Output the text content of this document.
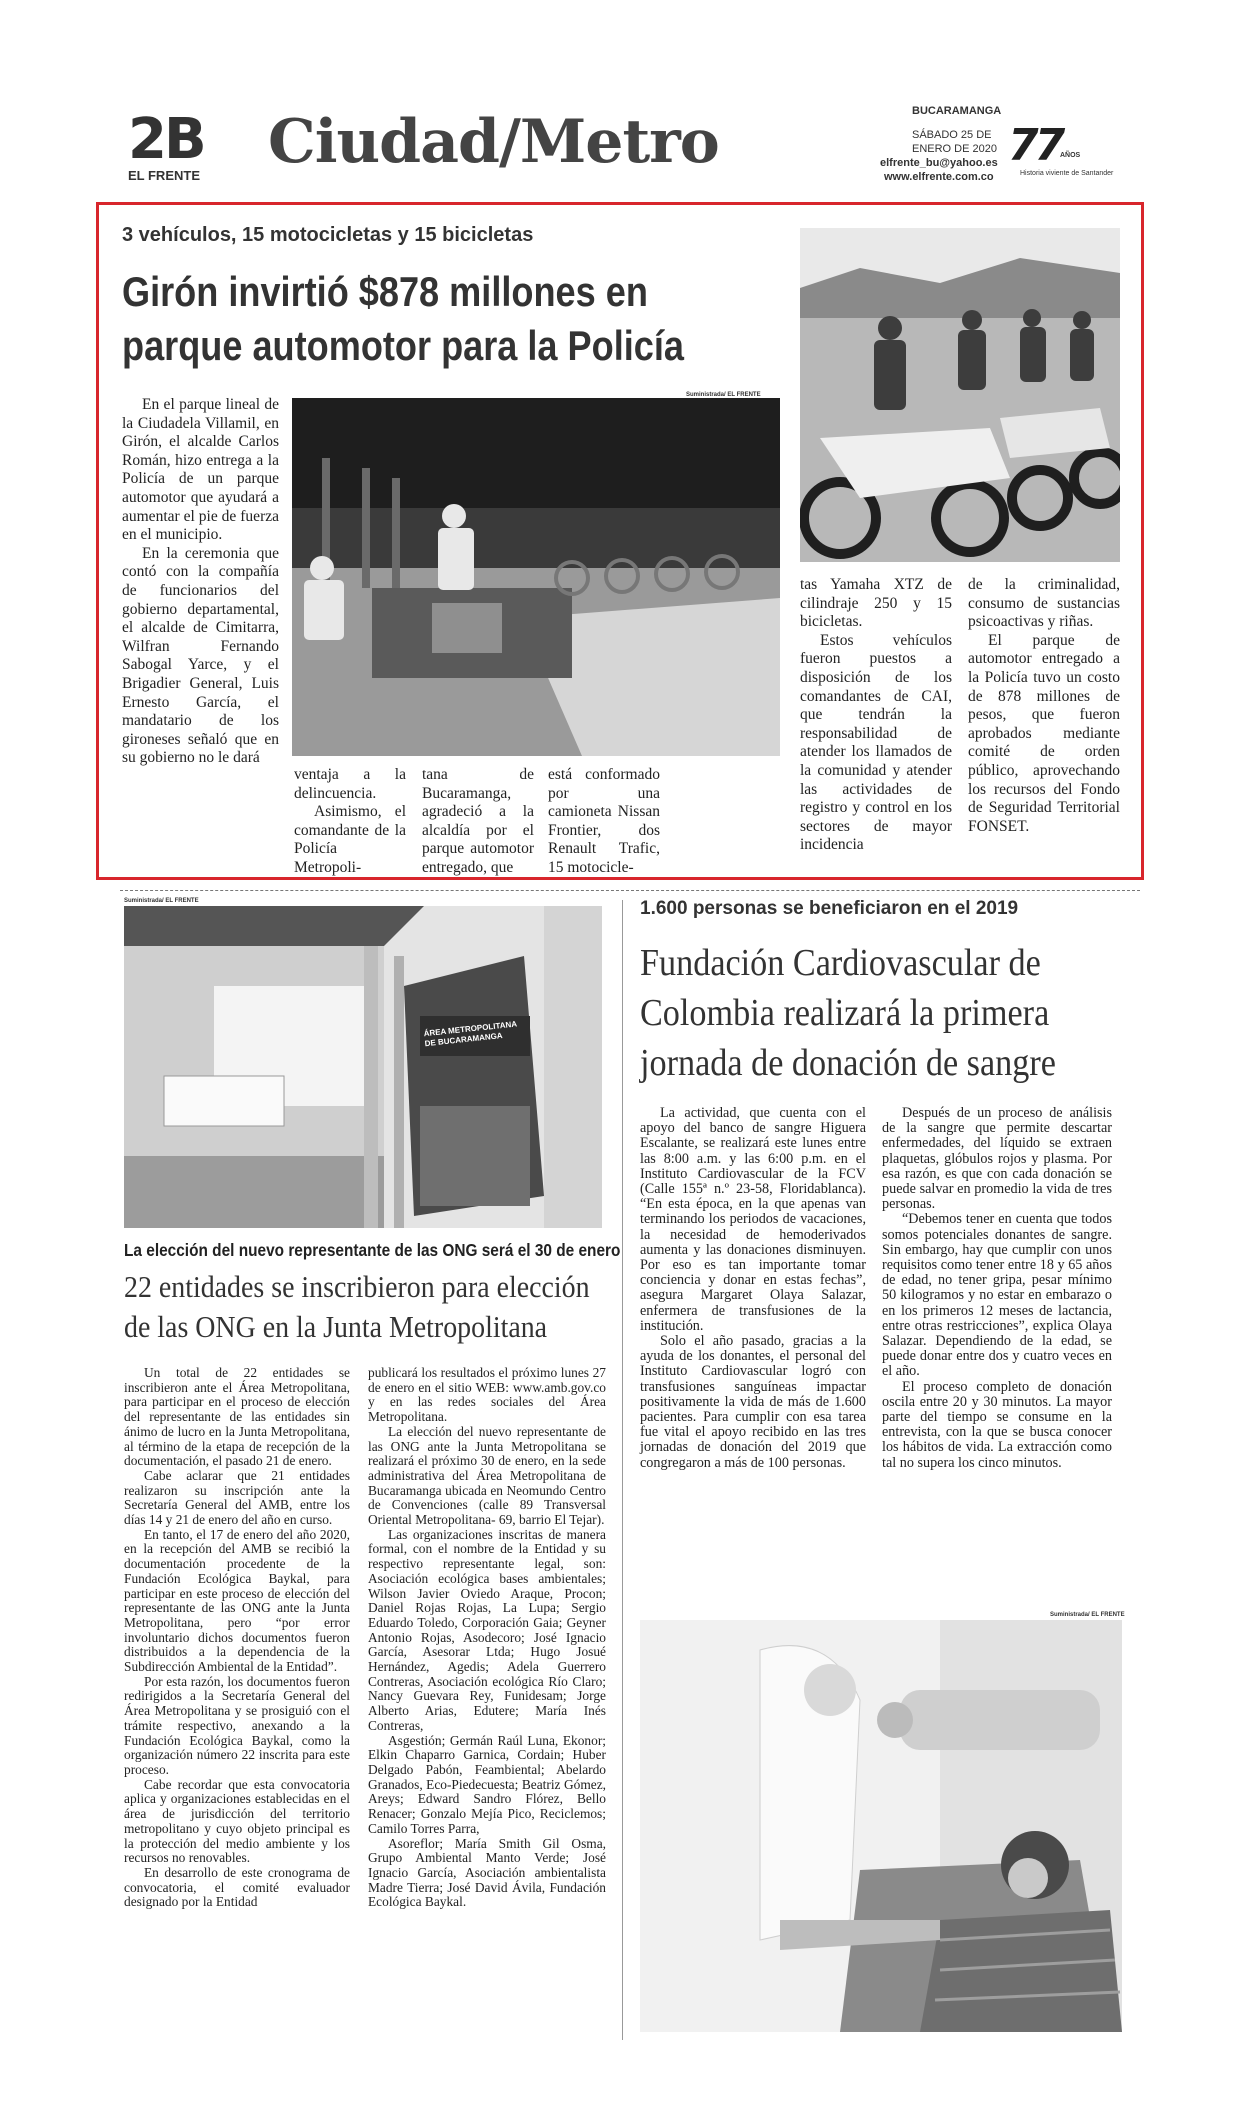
2B
EL FRENTE Ciudad/Metro	BUCARAMANGA
SÁBADO 25 DE ENERO DE 2020
elfrente_bu@yahoo.es
www.elfrente.com.co
77
AÑOS
Historia viviente de Santander
3 vehículos, 15 motocicletas y 15 bicicletas
Girón invirtió $878 millones en
parque automotor para la Policía
Suministrada/ EL FRENTE

En el parque lineal de la Ciudadela Villamil, en Girón, el alcalde Carlos Román, hizo entrega a la Policía de un parque automotor que ayudará a aumentar el pie de fuerza en el municipio.

En la ceremonia que contó con la compañía de funcionarios del gobierno departamental, el alcalde de Cimitarra, Wilfran Fernando Sabogal Yarce, y el Brigadier General, Luis Ernesto García, el mandatario de los gironeses señaló que en su gobierno no le dará

ventaja a la delincuencia.

Asimismo, el comandante de la Policía Metropoli-

tana de Bucaramanga, agradeció a la alcaldía por el parque automotor entregado, que

está conformado por una camioneta Nissan Frontier, dos Renault Trafic, 15 motocicle-

tas Yamaha XTZ de cilindraje 250 y 15 bicicletas.

Estos vehículos fueron puestos a disposición de los comandantes de CAI, que tendrán la responsabilidad de atender los llamados de la comunidad y atender las actividades de registro y control en los sectores de mayor incidencia

de la criminalidad, consumo de sustancias psicoactivas y riñas.

El parque de automotor entregado a la Policía tuvo un costo de 878 millones de pesos, que fueron aprobados mediante comité de orden público, aprovechando los recursos del Fondo de Seguridad Territorial FONSET.

Suministrada/ EL FRENTE
ÁREA METROPOLITANA DE BUCARAMANGA
La elección del nuevo representante de las ONG será el 30 de enero
22 entidades se inscribieron para elección
de las ONG en la Junta Metropolitana

Un total de 22 entidades se inscribieron ante el Área Metropolitana, para participar en el proceso de elección del representante de las entidades sin ánimo de lucro en la Junta Metropolitana, al término de la etapa de recepción de la documentación, el pasado 21 de enero.

Cabe aclarar que 21 entidades realizaron su inscripción ante la Secretaría General del AMB, entre los días 14 y 21 de enero del año en curso.

En tanto, el 17 de enero del año 2020, en la recepción del AMB se recibió la documentación procedente de la Fundación Ecológica Baykal, para participar en este proceso de elección del representante de las ONG ante la Junta Metropolitana, pero “por error involuntario dichos documentos fueron distribuidos a la dependencia de la Subdirección Ambiental de la Entidad”.

Por esta razón, los documentos fueron redirigidos a la Secretaría General del Área Metropolitana y se prosiguió con el trámite respectivo, anexando a la Fundación Ecológica Baykal, como la organización número 22 inscrita para este proceso.

Cabe recordar que esta convocatoria aplica y organizaciones establecidas en el área de jurisdicción del territorio metropolitano y cuyo objeto principal es la protección del medio ambiente y los recursos no renovables.

En desarrollo de este cronograma de convocatoria, el comité evaluador designado por la Entidad

publicará los resultados el próximo lunes 27 de enero en el sitio WEB: www.amb.gov.co y en las redes sociales del Área Metropolitana.

La elección del nuevo representante de las ONG ante la Junta Metropolitana se realizará el próximo 30 de enero, en la sede administrativa del Área Metropolitana de Bucaramanga ubicada en Neomundo Centro de Convenciones (calle 89 Transversal Oriental Metropolitana- 69, barrio El Tejar).

Las organizaciones inscritas de manera formal, con el nombre de la Entidad y su respectivo representante legal, son: Asociación ecológica bases ambientales; Wilson Javier Oviedo Araque, Procon; Daniel Rojas Rojas, La Lupa; Sergio Eduardo Toledo, Corporación Gaia; Geyner Antonio Rojas, Asodecoro; José Ignacio García, Asesorar Ltda; Hugo Josué Hernández, Agedis; Adela Guerrero Contreras, Asociación ecológica Río Claro; Nancy Guevara Rey, Funidesam; Jorge Alberto Arias, Edutere; María Inés Contreras,

Asgestión; Germán Raúl Luna, Ekonor; Elkin Chaparro Garnica, Cordain; Huber Delgado Pabón, Feambiental; Abelardo Granados, Eco-Piedecuesta; Beatriz Gómez, Areys; Edward Sandro Flórez, Bello Renacer; Gonzalo Mejía Pico, Reciclemos; Camilo Torres Parra,

Asoreflor; María Smith Gil Osma, Grupo Ambiental Manto Verde; José Ignacio García, Asociación ambientalista Madre Tierra; José David Ávila, Fundación Ecológica Baykal.

1.600 personas se beneficiaron en el 2019
Fundación Cardiovascular de
Colombia realizará la primera
jornada de donación de sangre

La actividad, que cuenta con el apoyo del banco de sangre Higuera Escalante, se realizará este lunes entre las 8:00 a.m. y las 6:00 p.m. en el Instituto Cardiovascular de la FCV (Calle 155ª n.º 23-58, Floridablanca). “En esta época, en la que apenas van terminando los periodos de vacaciones, la necesidad de hemoderivados aumenta y las donaciones disminuyen. Por eso es tan importante tomar conciencia y donar en estas fechas”, asegura Margaret Olaya Salazar, enfermera de transfusiones de la institución.

Solo el año pasado, gracias a la ayuda de los donantes, el personal del Instituto Cardiovascular logró con transfusiones sanguíneas impactar positivamente la vida de más de 1.600 pacientes. Para cumplir con esa tarea fue vital el apoyo recibido en las tres jornadas de donación del 2019 que congregaron a más de 100 personas.

Después de un proceso de análisis de la sangre que permite descartar enfermedades, del líquido se extraen plaquetas, glóbulos rojos y plasma. Por esa razón, es que con cada donación se puede salvar en promedio la vida de tres personas.

“Debemos tener en cuenta que todos somos potenciales donantes de sangre. Sin embargo, hay que cumplir con unos requisitos como tener entre 18 y 65 años de edad, no tener gripa, pesar mínimo 50 kilogramos y no estar en embarazo o en los primeros 12 meses de lactancia, entre otras restricciones”, explica Olaya Salazar. Dependiendo de la edad, se puede donar entre dos y cuatro veces en el año.

El proceso completo de donación oscila entre 20 y 30 minutos. La mayor parte del tiempo se consume en la entrevista, con la que se busca conocer los hábitos de vida. La extracción como tal no supera los cinco minutos.

Suministrada/ EL FRENTE
